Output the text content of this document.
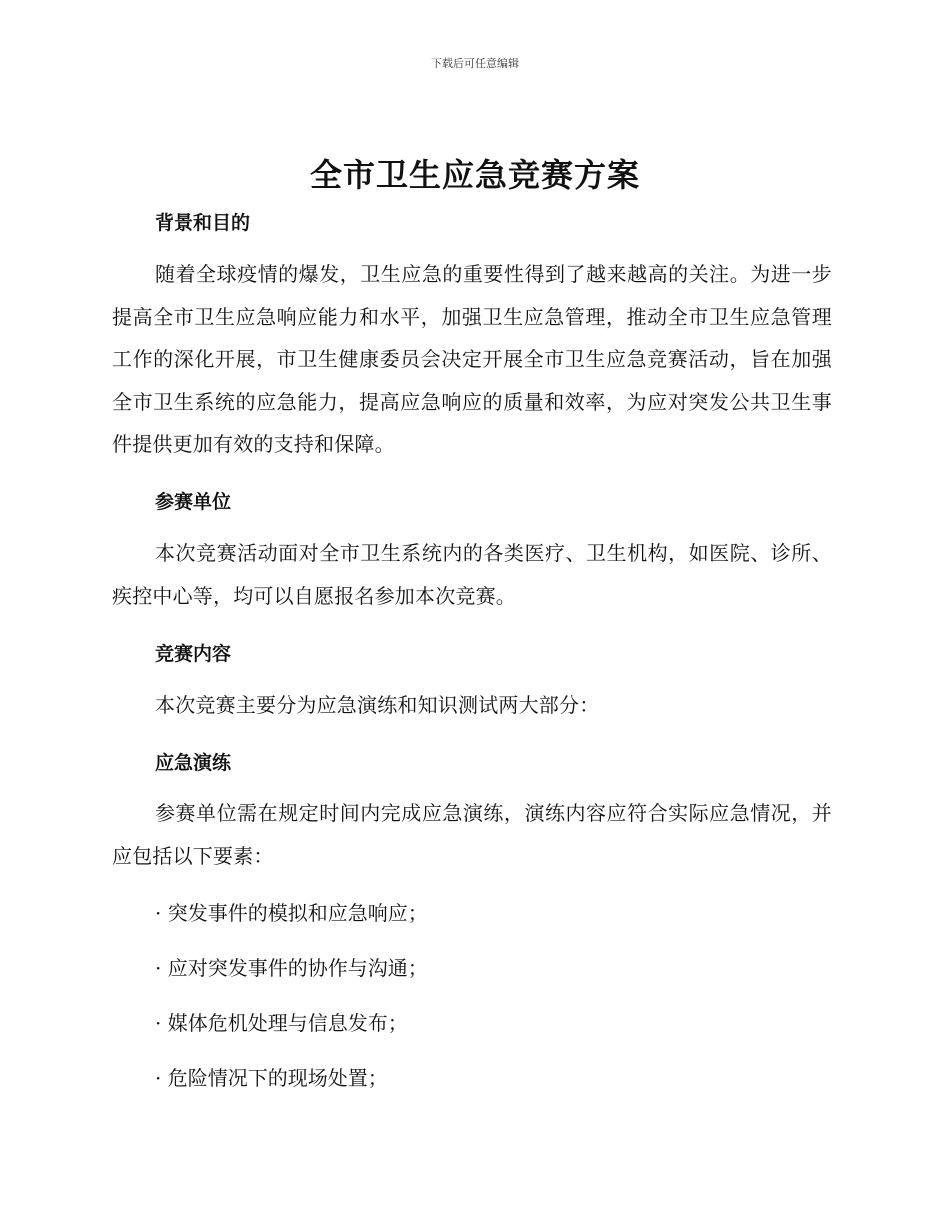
下载后可任意编辑
全市卫生应急竞赛方案
背景和目的

随着全球疫情的爆发，卫生应急的重要性得到了越来越高的关注。为进一步提高全市卫生应急响应能力和水平，加强卫生应急管理，推动全市卫生应急管理工作的深化开展，市卫生健康委员会决定开展全市卫生应急竞赛活动，旨在加强全市卫生系统的应急能力，提高应急响应的质量和效率，为应对突发公共卫生事件提供更加有效的支持和保障。

参赛单位

本次竞赛活动面对全市卫生系统内的各类医疗、卫生机构，如医院、诊所、疾控中心等，均可以自愿报名参加本次竞赛。

竞赛内容

本次竞赛主要分为应急演练和知识测试两大部分：

应急演练

参赛单位需在规定时间内完成应急演练，演练内容应符合实际应急情况，并应包括以下要素：

· 突发事件的模拟和应急响应；
· 应对突发事件的协作与沟通；
· 媒体危机处理与信息发布；
· 危险情况下的现场处置；
